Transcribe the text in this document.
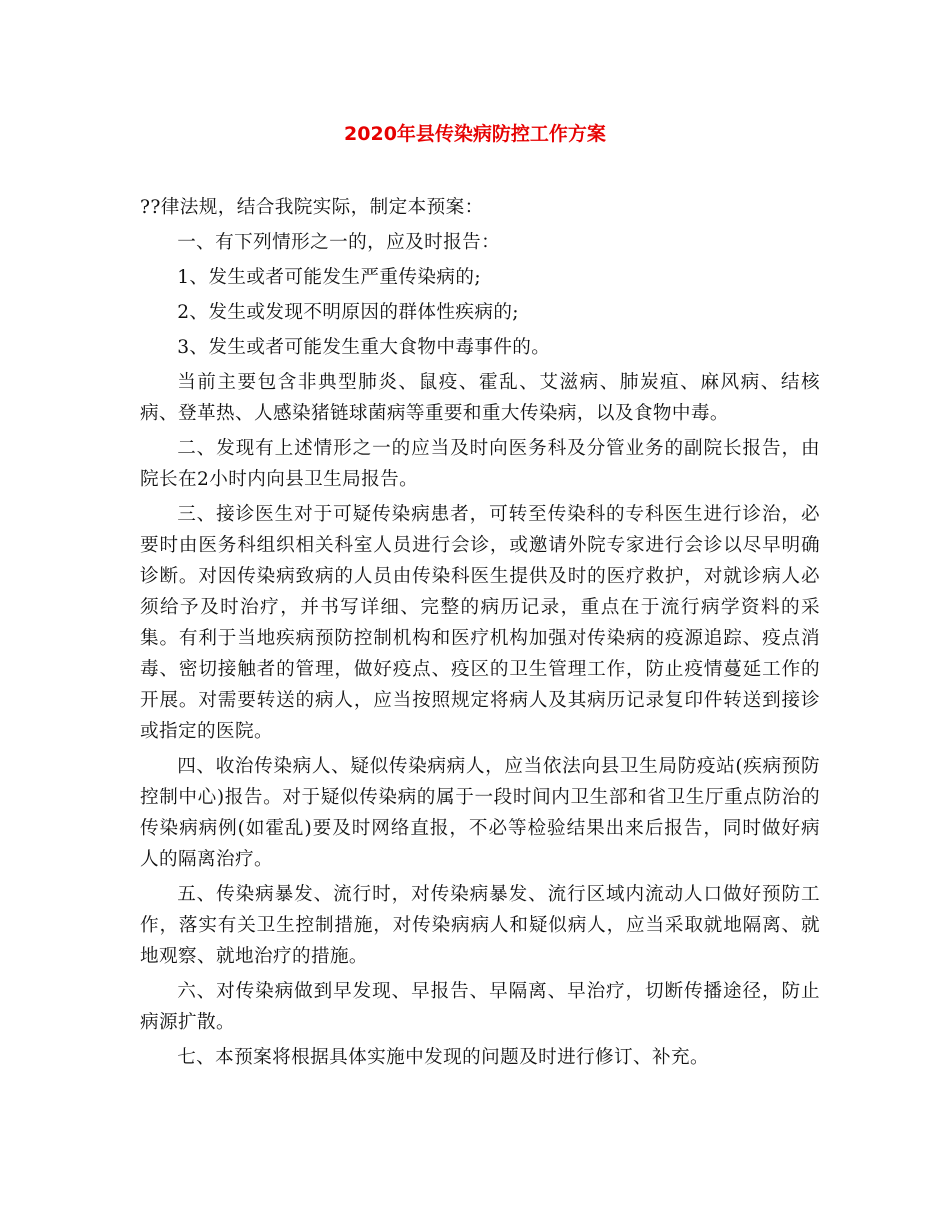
2020年县传染病防控工作方案

??律法规，结合我院实际，制定本预案：

一、有下列情形之一的，应及时报告：

1、发生或者可能发生严重传染病的;

2、发生或发现不明原因的群体性疾病的;

3、发生或者可能发生重大食物中毒事件的。

当前主要包含非典型肺炎、鼠疫、霍乱、艾滋病、肺炭疽、麻风病、结核病、登革热、人感染猪链球菌病等重要和重大传染病，以及食物中毒。

二、发现有上述情形之一的应当及时向医务科及分管业务的副院长报告，由院长在2小时内向县卫生局报告。

三、接诊医生对于可疑传染病患者，可转至传染科的专科医生进行诊治，必要时由医务科组织相关科室人员进行会诊，或邀请外院专家进行会诊以尽早明确诊断。对因传染病致病的人员由传染科医生提供及时的医疗救护，对就诊病人必须给予及时治疗，并书写详细、完整的病历记录，重点在于流行病学资料的采集。有利于当地疾病预防控制机构和医疗机构加强对传染病的疫源追踪、疫点消毒、密切接触者的管理，做好疫点、疫区的卫生管理工作，防止疫情蔓延工作的开展。对需要转送的病人，应当按照规定将病人及其病历记录复印件转送到接诊或指定的医院。

四、收治传染病人、疑似传染病病人，应当依法向县卫生局防疫站(疾病预防控制中心)报告。对于疑似传染病的属于一段时间内卫生部和省卫生厅重点防治的传染病病例(如霍乱)要及时网络直报，不必等检验结果出来后报告，同时做好病人的隔离治疗。

五、传染病暴发、流行时，对传染病暴发、流行区域内流动人口做好预防工作，落实有关卫生控制措施，对传染病病人和疑似病人，应当采取就地隔离、就地观察、就地治疗的措施。

六、对传染病做到早发现、早报告、早隔离、早治疗，切断传播途径，防止病源扩散。

七、本预案将根据具体实施中发现的问题及时进行修订、补充。
